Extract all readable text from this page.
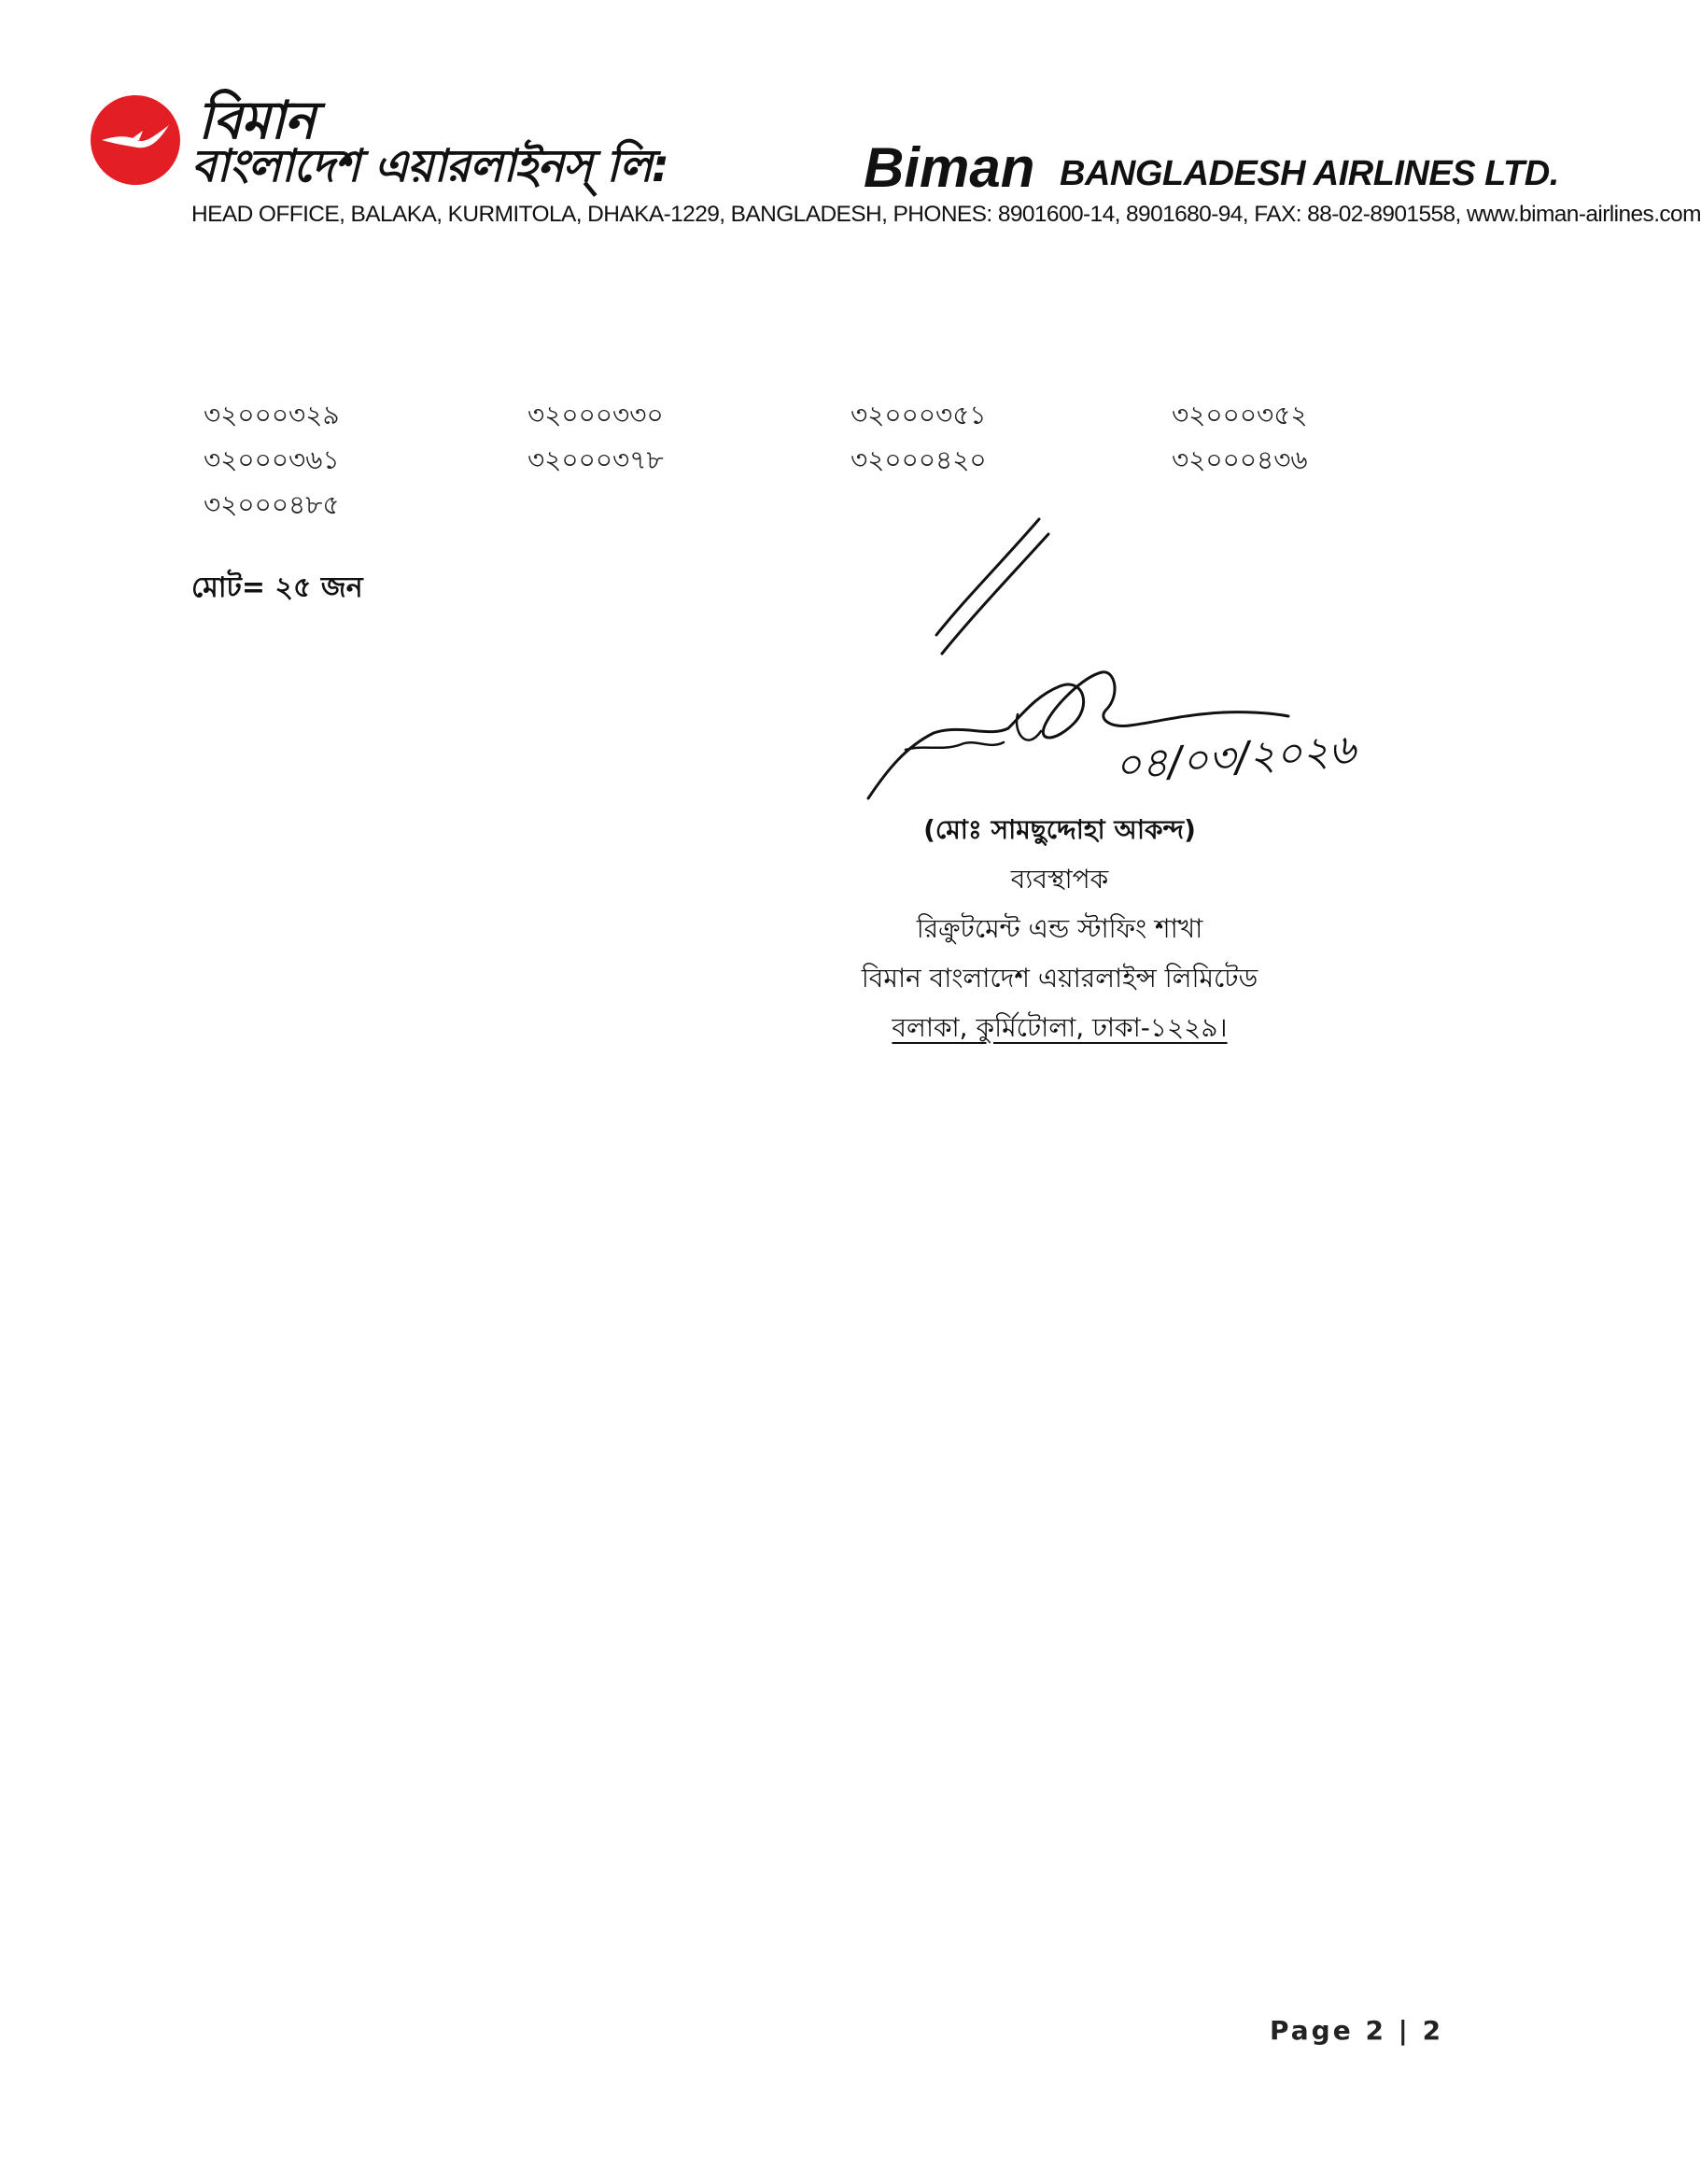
বিমান
বাংলাদেশ এয়ারলাইনস্ লি:	Biman BANGLADESH AIRLINES LTD.
HEAD OFFICE, BALAKA, KURMITOLA, DHAKA-1229, BANGLADESH, PHONES: 8901600-14, 8901680-94, FAX: 88-02-8901558, www.biman-airlines.com
৩২০০০৩২৯	৩২০০০৩৩০	৩২০০০৩৫১	৩২০০০৩৫২
৩২০০০৩৬১	৩২০০০৩৭৮	৩২০০০৪২০	৩২০০০৪৩৬
৩২০০০৪৮৫
মোট= ২৫ জন
০৪/০৩/২০২৬
(মোঃ সামছুদ্দোহা আকন্দ)
ব্যবস্থাপক
রিক্রুটমেন্ট এন্ড স্টাফিং শাখা
বিমান বাংলাদেশ এয়ারলাইন্স লিমিটেড
বলাকা, কুর্মিটোলা, ঢাকা-১২২৯।
Page 2 | 2
